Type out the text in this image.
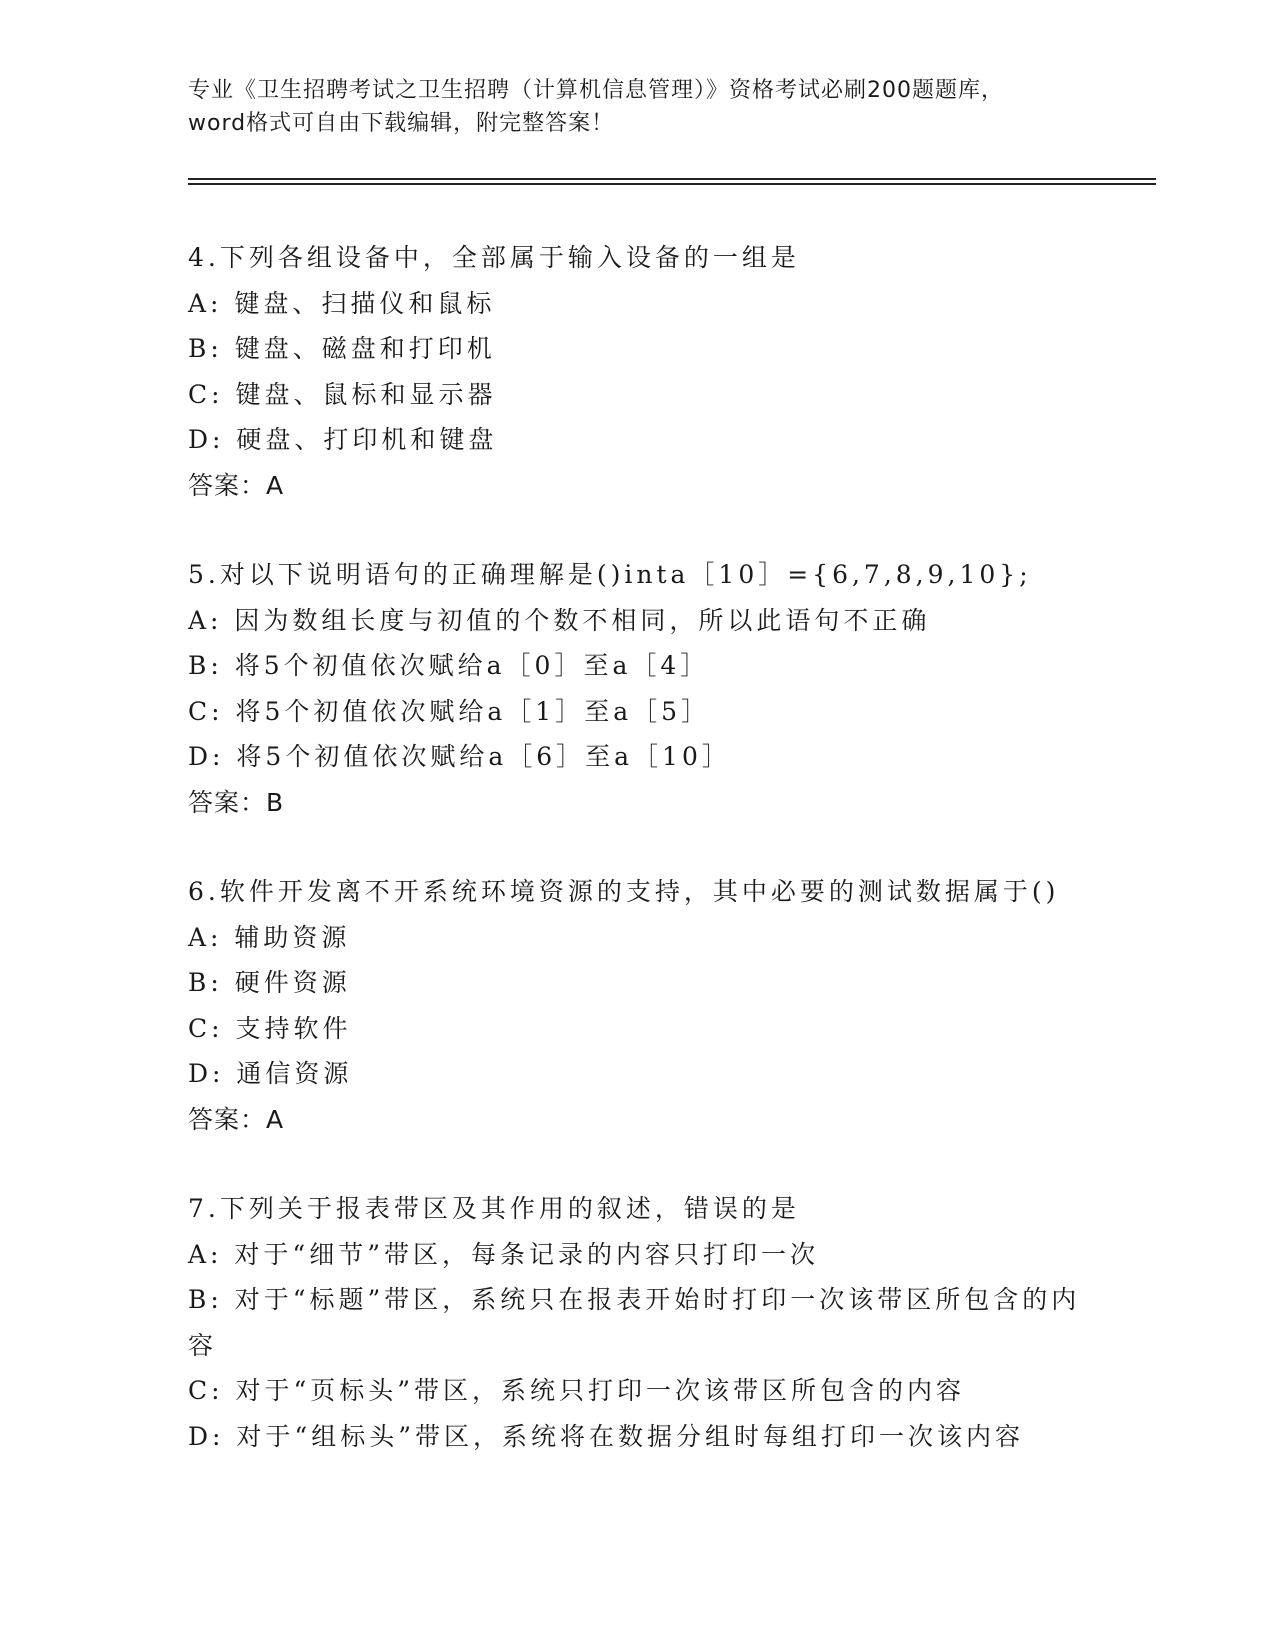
专业《卫生招聘考试之卫生招聘（计算机信息管理）》资格考试必刷200题题库，
word格式可自由下载编辑，附完整答案！
4.下列各组设备中，全部属于输入设备的一组是
A: 键盘、扫描仪和鼠标
B: 键盘、磁盘和打印机
C: 键盘、鼠标和显示器
D: 硬盘、打印机和键盘
答案：A
5.对以下说明语句的正确理解是()inta［10］={6,7,8,9,10};
A: 因为数组长度与初值的个数不相同，所以此语句不正确
B: 将5个初值依次赋给a［0］至a［4］
C: 将5个初值依次赋给a［1］至a［5］
D: 将5个初值依次赋给a［6］至a［10］
答案：B
6.软件开发离不开系统环境资源的支持，其中必要的测试数据属于()
A: 辅助资源
B: 硬件资源
C: 支持软件
D: 通信资源
答案：A
7.下列关于报表带区及其作用的叙述，错误的是
A: 对于“细节”带区，每条记录的内容只打印一次
B: 对于“标题”带区，系统只在报表开始时打印一次该带区所包含的内容
C: 对于“页标头”带区，系统只打印一次该带区所包含的内容
D: 对于“组标头”带区，系统将在数据分组时每组打印一次该内容
